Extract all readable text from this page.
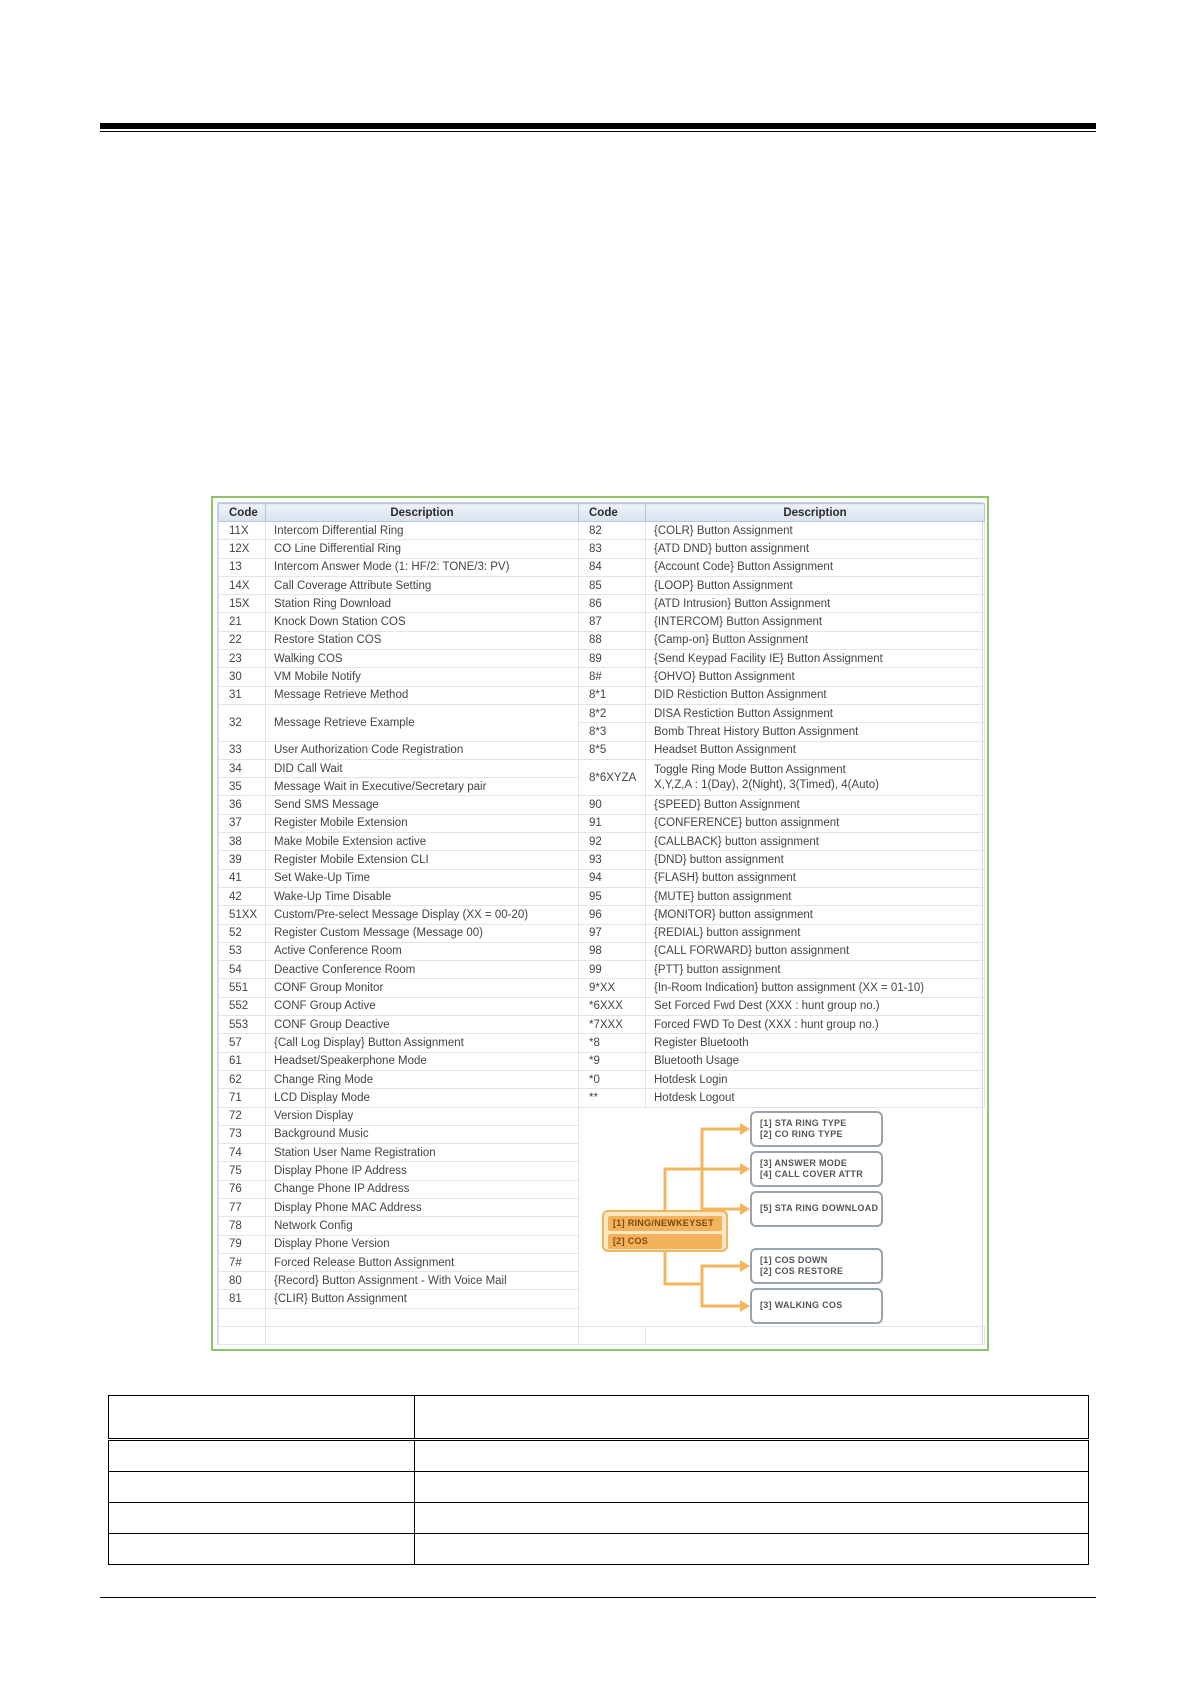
Code	Description	Code	Description
11X	Intercom Differential Ring	82	{COLR} Button Assignment
12X	CO Line Differential Ring	83	{ATD DND} button assignment
13	Intercom Answer Mode (1: HF/2: TONE/3: PV)	84	{Account Code} Button Assignment
14X	Call Coverage Attribute Setting	85	{LOOP} Button Assignment
15X	Station Ring Download	86	{ATD Intrusion} Button Assignment
21	Knock Down Station COS	87	{INTERCOM} Button Assignment
22	Restore Station COS	88	{Camp-on} Button Assignment
23	Walking COS	89	{Send Keypad Facility IE} Button Assignment
30	VM Mobile Notify	8#	{OHVO} Button Assignment
31	Message Retrieve Method	8*1	DID Restiction Button Assignment
32	Message Retrieve Example	8*2	DISA Restiction Button Assignment
		8*3	Bomb Threat History Button Assignment
33	User Authorization Code Registration	8*5	Headset Button Assignment
34	DID Call Wait	8*6XYZA	Toggle Ring Mode Button Assignment
X,Y,Z,A : 1(Day), 2(Night), 3(Timed), 4(Auto)

35	Message Wait in Executive/Secretary pair		
36	Send SMS Message	90	{SPEED} Button Assignment
37	Register Mobile Extension	91	{CONFERENCE} button assignment
38	Make Mobile Extension active	92	{CALLBACK} button assignment
39	Register Mobile Extension CLI	93	{DND} button assignment
41	Set Wake-Up Time	94	{FLASH} button assignment
42	Wake-Up Time Disable	95	{MUTE} button assignment
51XX	Custom/Pre-select Message Display (XX = 00-20)	96	{MONITOR} button assignment
52	Register Custom Message (Message 00)	97	{REDIAL} button assignment
53	Active Conference Room	98	{CALL FORWARD} button assignment
54	Deactive Conference Room	99	{PTT} button assignment
551	CONF Group Monitor	9*XX	{In-Room Indication} button assignment (XX = 01-10)
552	CONF Group Active	*6XXX	Set Forced Fwd Dest (XXX : hunt group no.)
553	CONF Group Deactive	*7XXX	Forced FWD To Dest (XXX : hunt group no.)
57	{Call Log Display} Button Assignment	*8	Register Bluetooth
61	Headset/Speakerphone Mode	*9	Bluetooth Usage
62	Change Ring Mode	*0	Hotdesk Login
71	LCD Display Mode	**	Hotdesk Logout
72	Version Display		
73	Background Music		
74	Station User Name Registration		
75	Display Phone IP Address		
76	Change Phone IP Address		
77	Display Phone MAC Address		
78	Network Config		
79	Display Phone Version		
7#	Forced Release Button Assignment		
80	{Record} Button Assignment - With Voice Mail		
81	{CLIR} Button Assignment		

[1] RING/NEWKEYSET
[2] COS
[1] STA RING TYPE
[2] CO RING TYPE
[3] ANSWER MODE
[4] CALL COVER ATTR
[5] STA RING DOWNLOAD
[1] COS DOWN
[2] COS RESTORE
[3] WALKING COS
